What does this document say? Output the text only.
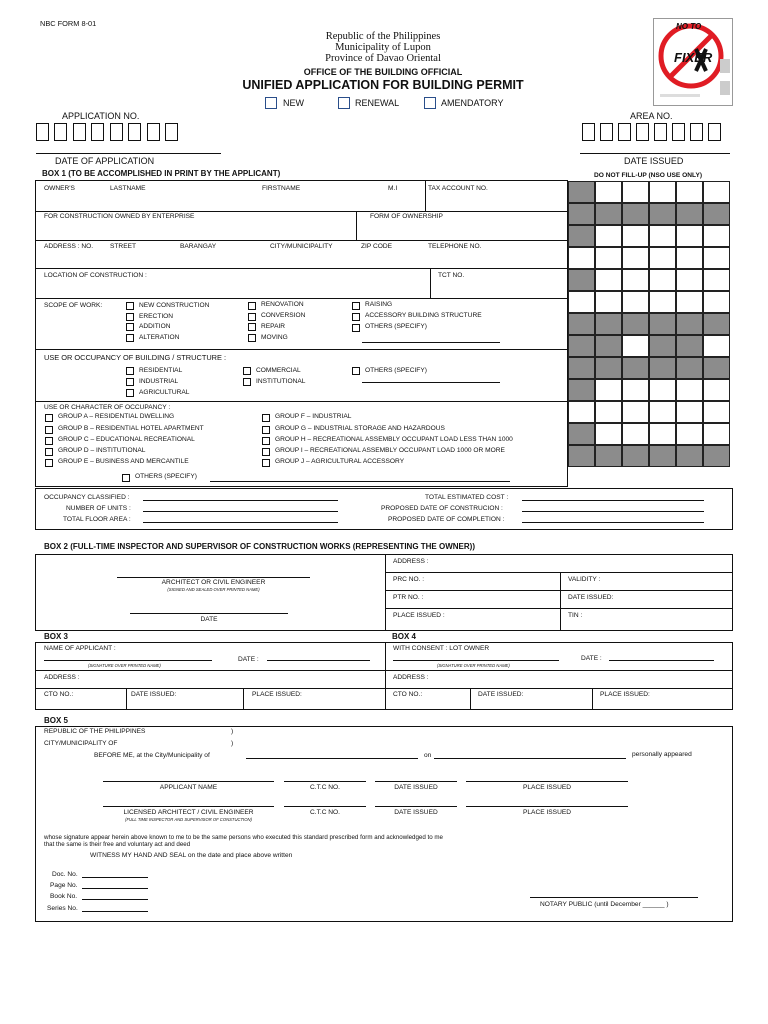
NBC FORM 8-01
Republic of the Philippines
Municipality of Lupon
Province of Davao Oriental
OFFICE OF THE BUILDING OFFICIAL
UNIFIED APPLICATION FOR BUILDING PERMIT
NO TO
FIXER
NEW	RENEWAL	AMENDATORY
APPLICATION NO.
DATE OF APPLICATION
AREA NO.
DATE ISSUED
BOX 1 (TO BE ACCOMPLISHED IN PRINT BY THE APPLICANT)	DO NOT FILL-UP (NSO USE ONLY)
OWNER'S	LASTNAME	FIRSTNAME	M.I	TAX ACCOUNT NO.
FOR CONSTRUCTION OWNED BY ENTERPRISE	FORM OF OWNERSHIP
ADDRESS : NO.	STREET	BARANGAY	CITY/MUNICIPALITY	ZIP CODE	TELEPHONE NO.
LOCATION OF CONSTRUCTION :	TCT NO.
SCOPE OF WORK:	NEW CONSTRUCTION
ERECTION
ADDITION
ALTERATION
RENOVATION
CONVERSION
REPAIR
MOVING
RAISING
ACCESSORY BUILDING STRUCTURE
OTHERS (SPECIFY)
USE OR OCCUPANCY OF BUILDING / STRUCTURE :
RESIDENTIAL
INDUSTRIAL
AGRICULTURAL
COMMERCIAL
INSTITUTIONAL
OTHERS (SPECIFY)
USE OR CHARACTER OF OCCUPANCY :
GROUP A – RESIDENTIAL DWELLING
GROUP B – RESIDENTIAL HOTEL APARTMENT
GROUP C – EDUCATIONAL RECREATIONAL
GROUP D – INSTITUTIONAL
GROUP E – BUSINESS AND MERCANTILE
GROUP F – INDUSTRIAL
GROUP G – INDUSTRIAL STORAGE AND HAZARDOUS
GROUP H – RECREATIONAL ASSEMBLY OCCUPANT LOAD LESS THAN 1000
GROUP I – RECREATIONAL ASSEMBLY OCCUPANT LOAD 1000 OR MORE
GROUP J – AGRICULTURAL ACCESSORY
OTHERS (SPECIFY)
OCCUPANCY CLASSIFIED :
NUMBER OF UNITS :
TOTAL FLOOR AREA :
TOTAL ESTIMATED COST :
PROPOSED DATE OF CONSTRUCION :
PROPOSED DATE OF COMPLETION :
BOX 2 (FULL-TIME INSPECTOR AND SUPERVISOR OF CONSTRUCTION WORKS (REPRESENTING THE OWNER))
ARCHITECT OR CIVIL ENGINEER
(SIGNED AND SEALED OVER PRINTED NAME)
DATE
ADDRESS :
PRC NO. :	VALIDITY :
PTR NO. :	DATE ISSUED:
PLACE ISSUED :	TIN :
BOX 3	BOX 4
NAME OF APPLICANT :
(SIGNATURE OVER PRINTED NAME)
DATE :
WITH CONSENT : LOT OWNER
(SIGNATURE OVER PRINTED NAME)
DATE :
ADDRESS :	ADDRESS :
CTO NO.:	DATE ISSUED:	PLACE ISSUED:	CTO NO.:	DATE ISSUED:	PLACE ISSUED:
BOX 5
REPUBLIC OF THE PHILIPPINES	)
CITY/MUNICIPALITY OF	)
BEFORE ME, at the City/Municipality of	on	personally appeared
APPLICANT NAME	C.T.C NO.	DATE ISSUED	PLACE ISSUED
LICENSED ARCHITECT / CIVIL ENGINEER
(FULL TIME INSPECTOR AND SUPERVISOR OF CONSTUCTION)
C.T.C NO.	DATE ISSUED	PLACE ISSUED
whose signature appear herein above known to me to be the same persons who executed this standard prescribed form and acknowledged to me
that the same is their free and voluntary act and deed
WITNESS MY HAND AND SEAL on the date and place above written
Doc. No.
Page No.
Book No.
Series No.
NOTARY PUBLIC (until December ______ )
